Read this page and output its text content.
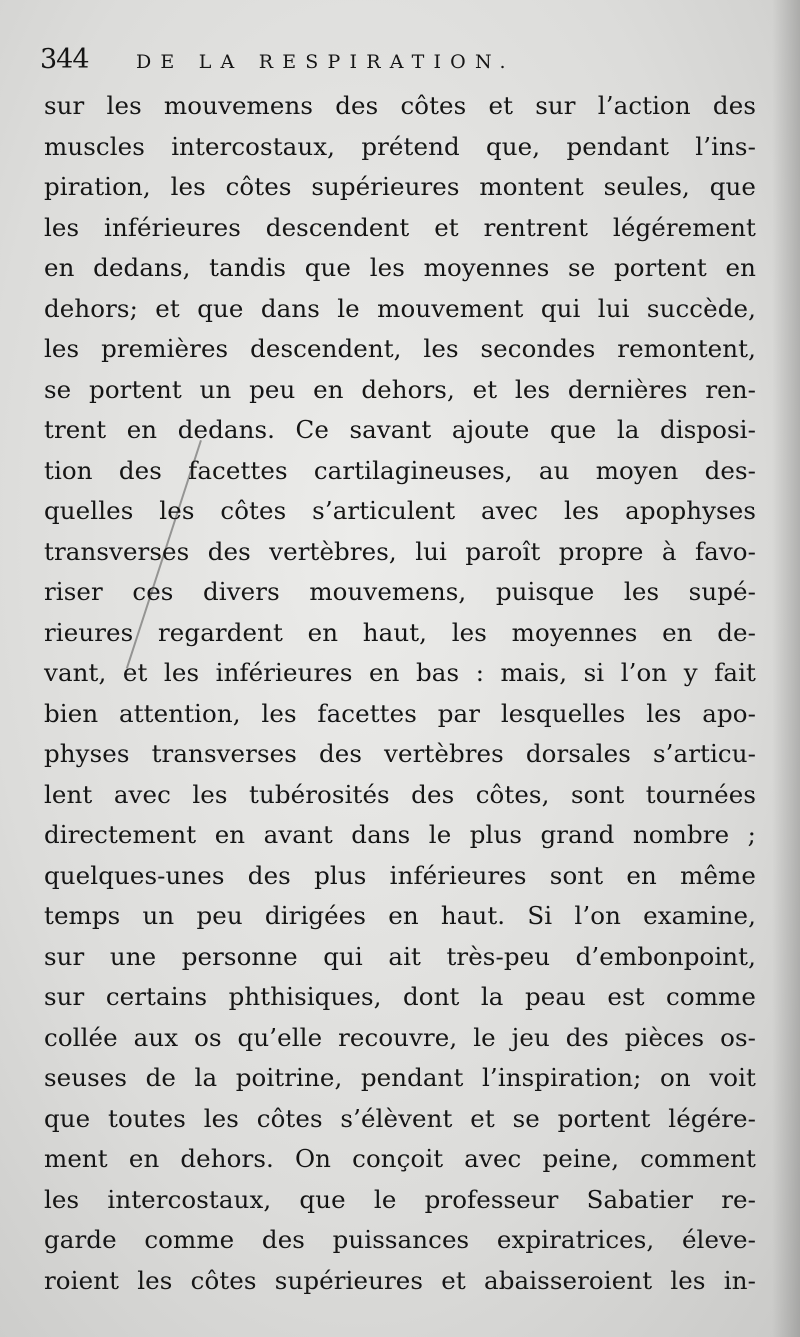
344 DE LA RESPIRATION.
sur les mouvemens des côtes et sur l’action des
muscles intercostaux, prétend que, pendant l’ins-
piration, les côtes supérieures montent seules, que
les inférieures descendent et rentrent légérement
en dedans, tandis que les moyennes se portent en
dehors; et que dans le mouvement qui lui succède,
les premières descendent, les secondes remontent,
se portent un peu en dehors, et les dernières ren-
trent en dedans. Ce savant ajoute que la disposi-
tion des facettes cartilagineuses, au moyen des-
quelles les côtes s’articulent avec les apophyses
transverses des vertèbres, lui paroît propre à favo-
riser ces divers mouvemens, puisque les supé-
rieures regardent en haut, les moyennes en de-
vant, et les inférieures en bas : mais, si l’on y fait
bien attention, les facettes par lesquelles les apo-
physes transverses des vertèbres dorsales s’articu-
lent avec les tubérosités des côtes, sont tournées
directement en avant dans le plus grand nombre ;
quelques-unes des plus inférieures sont en même
temps un peu dirigées en haut. Si l’on examine,
sur une personne qui ait très-peu d’embonpoint,
sur certains phthisiques, dont la peau est comme
collée aux os qu’elle recouvre, le jeu des pièces os-
seuses de la poitrine, pendant l’inspiration; on voit
que toutes les côtes s’élèvent et se portent légére-
ment en dehors. On conçoit avec peine, comment
les intercostaux, que le professeur Sabatier re-
garde comme des puissances expiratrices, éleve-
roient les côtes supérieures et abaisseroient les in-
